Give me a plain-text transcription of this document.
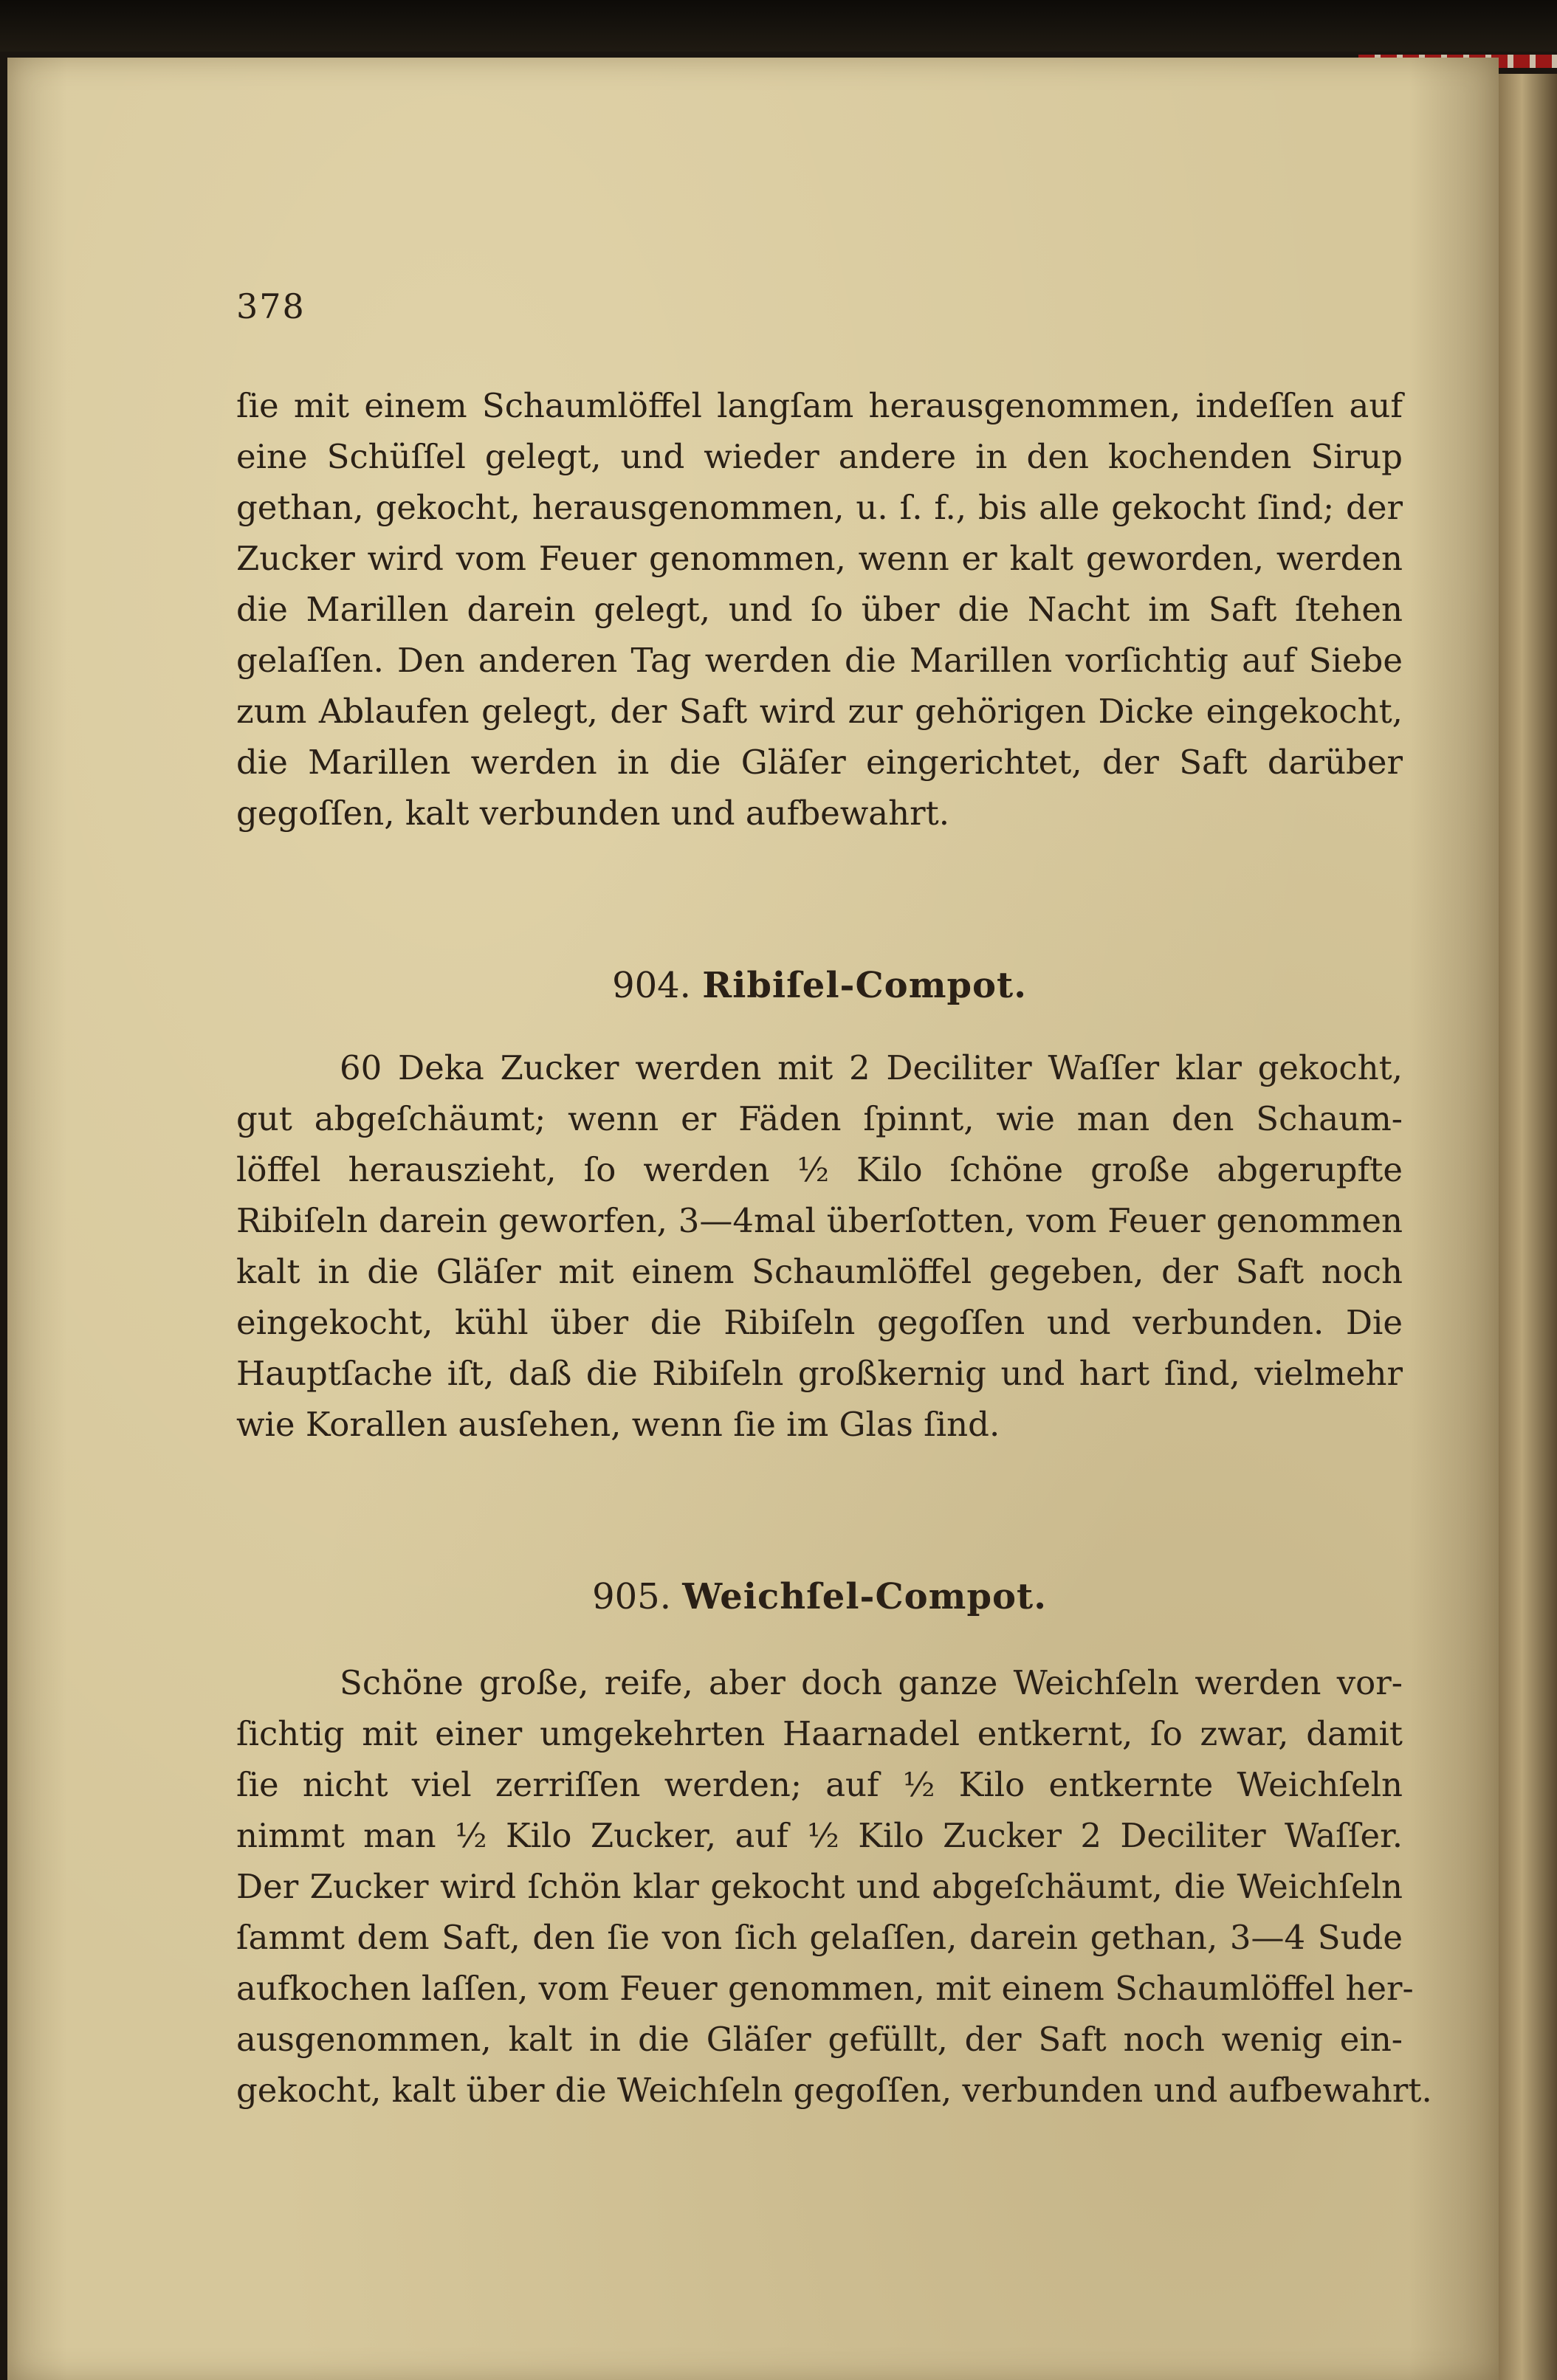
378
ſie mit einem Schaumlöffel langſam herausgenommen, indeſſen auf
eine Schüſſel gelegt, und wieder andere in den kochenden Sirup
gethan, gekocht, herausgenommen, u. ſ. f., bis alle gekocht ſind; der
Zucker wird vom Feuer genommen, wenn er kalt geworden, werden
die Marillen darein gelegt, und ſo über die Nacht im Saft ſtehen
gelaſſen. Den anderen Tag werden die Marillen vorſichtig auf Siebe
zum Ablaufen gelegt, der Saft wird zur gehörigen Dicke eingekocht,
die Marillen werden in die Gläſer eingerichtet, der Saft darüber
gegoſſen, kalt verbunden und aufbewahrt.
904. Ribiſel-Compot.
60 Deka Zucker werden mit 2 Deciliter Waſſer klar gekocht,
gut abgeſchäumt; wenn er Fäden ſpinnt, wie man den Schaum-
löffel herauszieht, ſo werden ½ Kilo ſchöne große abgerupfte
Ribiſeln darein geworfen, 3—4mal überſotten, vom Feuer genommen
kalt in die Gläſer mit einem Schaumlöffel gegeben, der Saft noch
eingekocht, kühl über die Ribiſeln gegoſſen und verbunden. Die
Hauptſache iſt, daß die Ribiſeln großkernig und hart ſind, vielmehr
wie Korallen ausſehen, wenn ſie im Glas ſind.
905. Weichſel-Compot.
Schöne große, reife, aber doch ganze Weichſeln werden vor-
ſichtig mit einer umgekehrten Haarnadel entkernt, ſo zwar, damit
ſie nicht viel zerriſſen werden; auf ½ Kilo entkernte Weichſeln
nimmt man ½ Kilo Zucker, auf ½ Kilo Zucker 2 Deciliter Waſſer.
Der Zucker wird ſchön klar gekocht und abgeſchäumt, die Weichſeln
ſammt dem Saft, den ſie von ſich gelaſſen, darein gethan, 3—4 Sude
aufkochen laſſen, vom Feuer genommen, mit einem Schaumlöffel her-
ausgenommen, kalt in die Gläſer gefüllt, der Saft noch wenig ein-
gekocht, kalt über die Weichſeln gegoſſen, verbunden und aufbewahrt.
